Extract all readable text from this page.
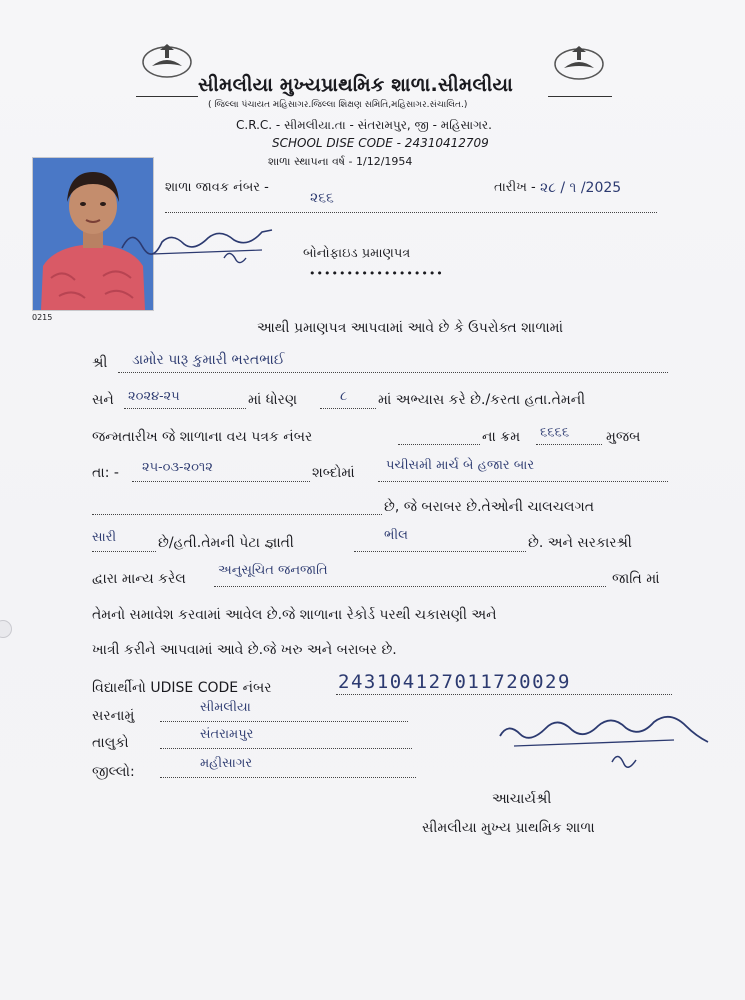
સીમલીયા મુખ્યપ્રાથમિક શાળા.સીમલીયા
( જિલ્લા પંચાયત મહિસાગર.જિલ્લા શિક્ષણ સમિતિ,મહિસાગર.સંચાલિત.)
C.R.C. - સીમલીયા.તા - સંતરામપુર, જી - મહિસાગર.
SCHOOL DISE CODE - 24310412709
શાળા સ્થાપના વર્ષ - 1/12/1954
0215
શાળા જાવક નંબર -
૨૬૬
તારીખ - ૨૮ / ૧ /2025
બોનોફાઇડ પ્રમાણપત્ર
••••••••••••••••••
આથી પ્રમાણપત્ર આપવામાં આવે છે કે ઉપરોક્ત શાળામાં
શ્રી ડામોર પારૂ કુમારી ભરતભાઈ
સને ૨૦૨૪-૨૫	માં ધોરણ	૮ માં અભ્યાસ કરે છે./કરતા હતા.તેમની
જન્મતારીખ જે શાળાના વય પત્રક નંબર	ના ક્રમ ૬૬૬૬	મુજબ
તા: - ૨૫-૦૩-૨૦૧૨	શબ્દોમાં પચીસમી માર્ચ બે હજાર બાર
છે, જે બરાબર છે.તેઓની ચાલચલગત
સારી	છે/હતી.તેમની પેટા જ્ઞાતી	ભીલ	છે. અને સરકારશ્રી
દ્વારા માન્ય કરેલ
અનુસૂચિત જનજાતિ
જાતિ માં
તેમનો સમાવેશ કરવામાં આવેલ છે.જે શાળાના રેકોર્ડ પરથી ચકાસણી અને
ખાત્રી કરીને આપવામાં આવે છે.જે ખરુ અને બરાબર છે.
વિદ્યાર્થીનો UDISE CODE નંબર	243104127011720029
સરનામું
સીમલીયા
તાલુકો
સંતરામપુર
જીલ્લો:
મહીસાગર
આચાર્યશ્રી
સીમલીયા મુખ્ય પ્રાથમિક શાળા
